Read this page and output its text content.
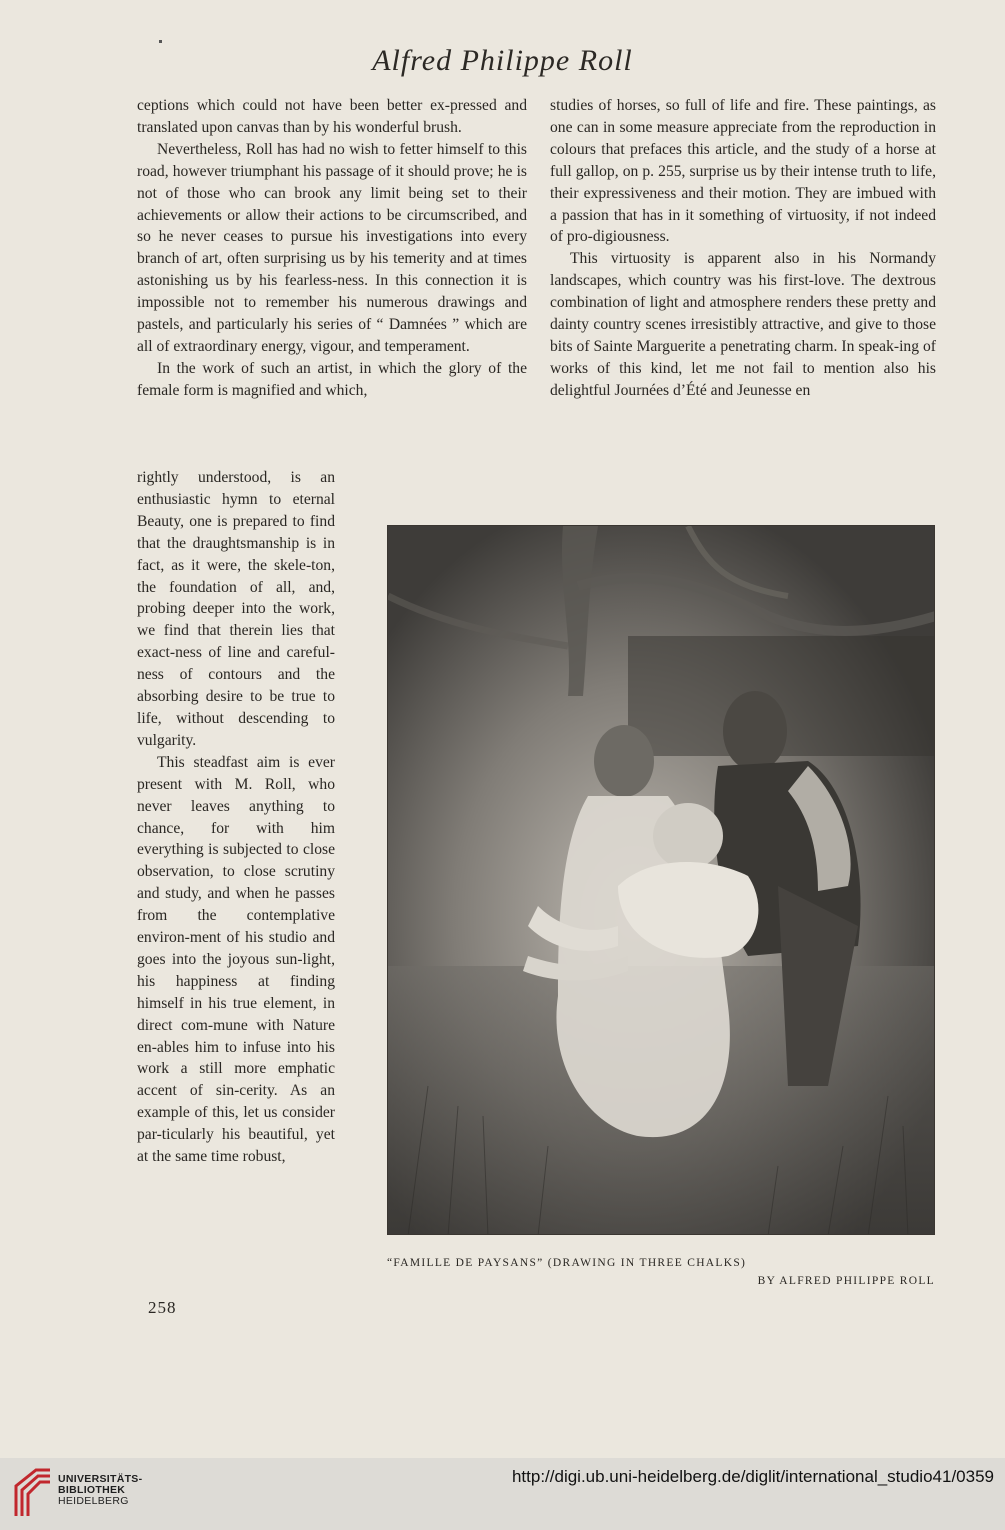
Alfred Philippe Roll

ceptions which could not have been better ex-pressed and translated upon canvas than by his wonderful brush.

Nevertheless, Roll has had no wish to fetter himself to this road, however triumphant his passage of it should prove; he is not of those who can brook any limit being set to their achievements or allow their actions to be circumscribed, and so he never ceases to pursue his investigations into every branch of art, often surprising us by his temerity and at times astonishing us by his fearless-ness. In this connection it is impossible not to remember his numerous drawings and pastels, and particularly his series of “ Damnées ” which are all of extraordinary energy, vigour, and temperament.

In the work of such an artist, in which the glory of the female form is magnified and which,

rightly understood, is an enthusiastic hymn to eternal Beauty, one is prepared to find that the draughtsmanship is in fact, as it were, the skele-ton, the foundation of all, and, probing deeper into the work, we find that therein lies that exact-ness of line and careful-ness of contours and the absorbing desire to be true to life, without descending to vulgarity.

This steadfast aim is ever present with M. Roll, who never leaves anything to chance, for with him everything is subjected to close observation, to close scrutiny and study, and when he passes from the contemplative environ-ment of his studio and goes into the joyous sun-light, his happiness at finding himself in his true element, in direct com-mune with Nature en-ables him to infuse into his work a still more emphatic accent of sin-cerity. As an example of this, let us consider par-ticularly his beautiful, yet at the same time robust,

studies of horses, so full of life and fire. These paintings, as one can in some measure appreciate from the reproduction in colours that prefaces this article, and the study of a horse at full gallop, on p. 255, surprise us by their intense truth to life, their expressiveness and their motion. They are imbued with a passion that has in it something of virtuosity, if not indeed of pro-digiousness.

This virtuosity is apparent also in his Normandy landscapes, which country was his first-love. The dextrous combination of light and atmosphere renders these pretty and dainty country scenes irresistibly attractive, and give to those bits of Sainte Marguerite a penetrating charm. In speak-ing of works of this kind, let me not fail to mention also his delightful Journées d’Été and Jeunesse en

“FAMILLE DE PAYSANS” (DRAWING IN THREE CHALKS)
BY ALFRED PHILIPPE ROLL
258
UNIVERSITÄTS-
BIBLIOTHEK
HEIDELBERG
http://digi.ub.uni-heidelberg.de/diglit/international_studio41/0359
